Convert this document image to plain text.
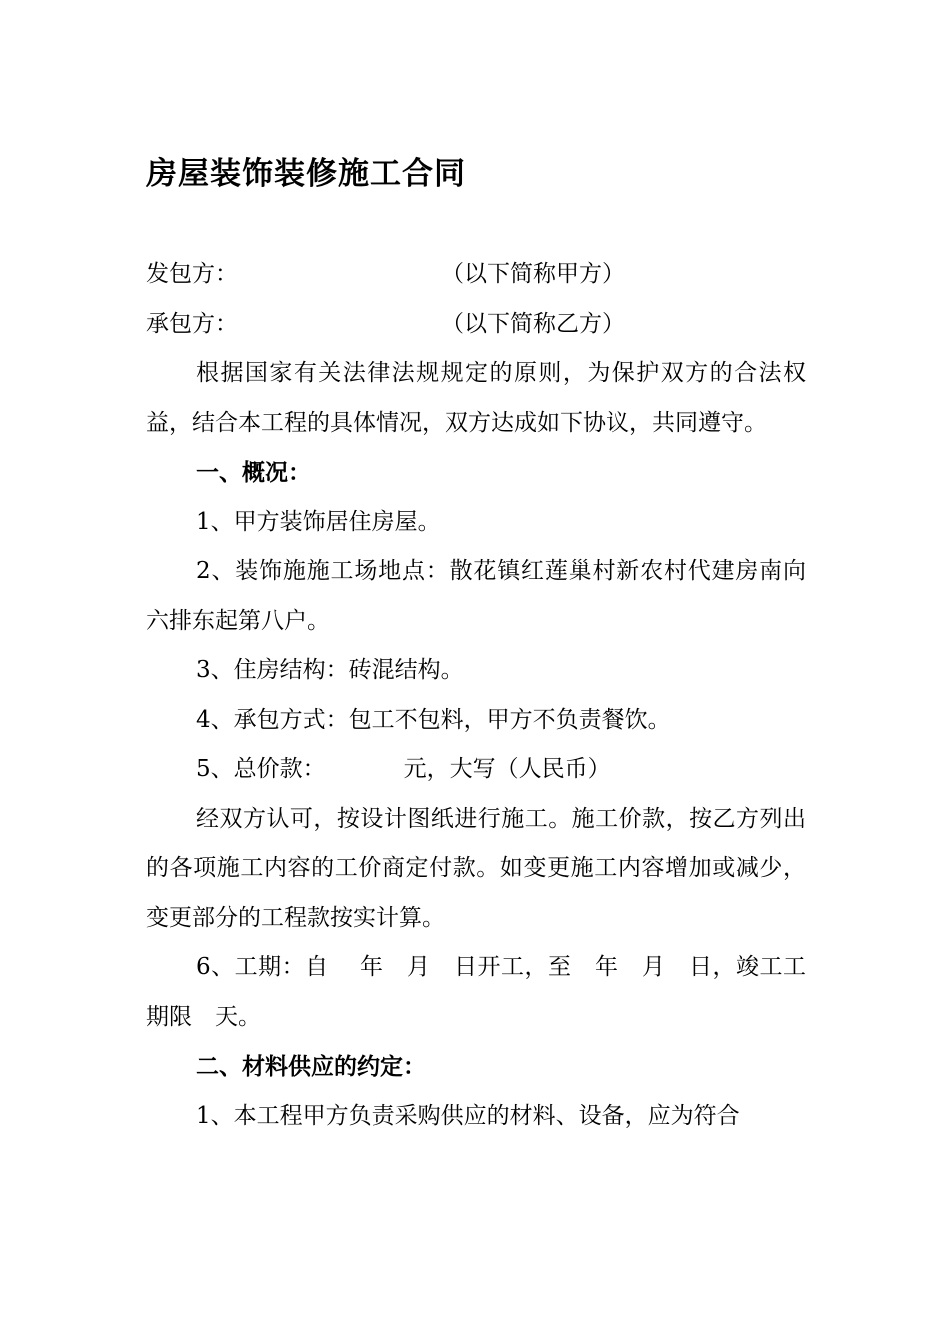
房屋装饰装修施工合同

发包方：	（以下简称甲方）

承包方：	（以下简称乙方）

根据国家有关法律法规规定的原则，为保护双方的合法权益，结合本工程的具体情况，双方达成如下协议，共同遵守。

一、概况：

1、甲方装饰居住房屋。

2、装饰施施工场地点：散花镇红莲巢村新农村代建房南向六排东起第八户。

3、住房结构：砖混结构。

4、承包方式：包工不包料，甲方不负责餐饮。

5、总价款：	元，大写（人民币）

经双方认可，按设计图纸进行施工。施工价款，按乙方列出的各项施工内容的工价商定付款。如变更施工内容增加或减少，变更部分的工程款按实计算。

6、工期：自　 年　月　日开工，至　年　月　日，竣工工

期限　天。

二、材料供应的约定：

1、本工程甲方负责采购供应的材料、设备，应为符合
